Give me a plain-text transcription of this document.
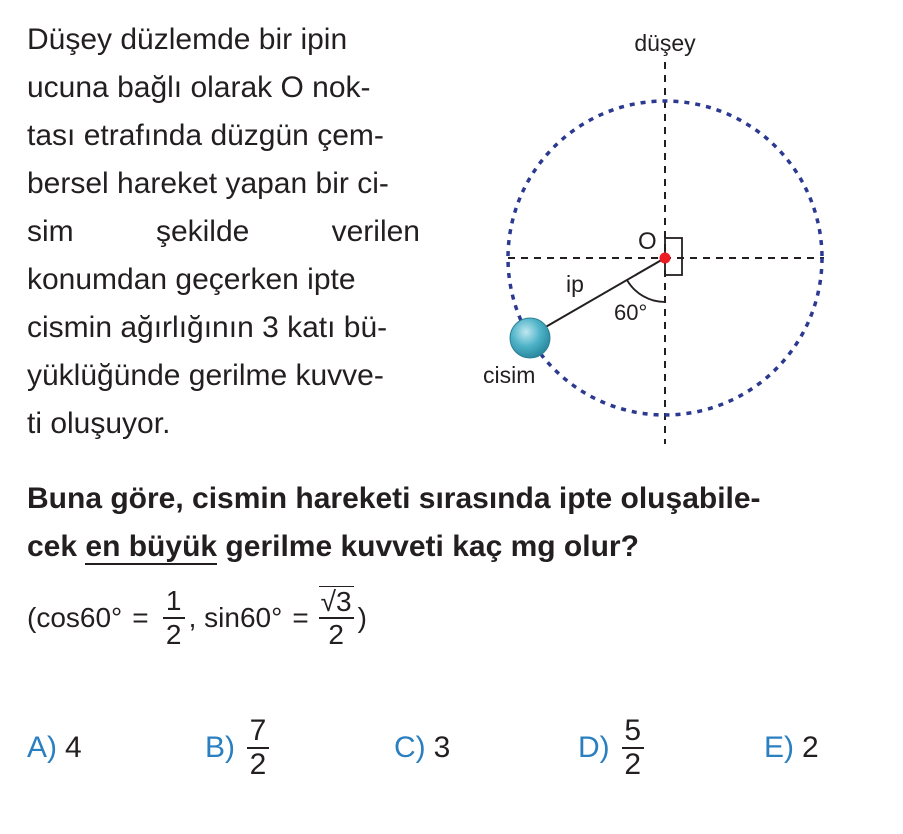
Düşey düzlemde bir ipin
ucuna bağlı olarak O nok-
tası etrafında düzgün çem-
bersel hareket yapan bir ci-
sim	şekilde	verilen
konumdan geçerken ipte
cismin ağırlığının 3 katı bü-
yüklüğünde gerilme kuvve-
ti oluşuyor.
düşey
O
ip
60°
cisim
Buna göre, cismin hareketi sırasında ipte oluşabile-
cek en büyük gerilme kuvveti kaç mg olur?
($\cos 60^\circ = \frac{1}{2}$ , $\sin 60^\circ = \frac{√3}{2}$ )
A) 4	$B) \frac{7}{2}$	C) 3	$D) \frac{5}{2}$	E) 2
